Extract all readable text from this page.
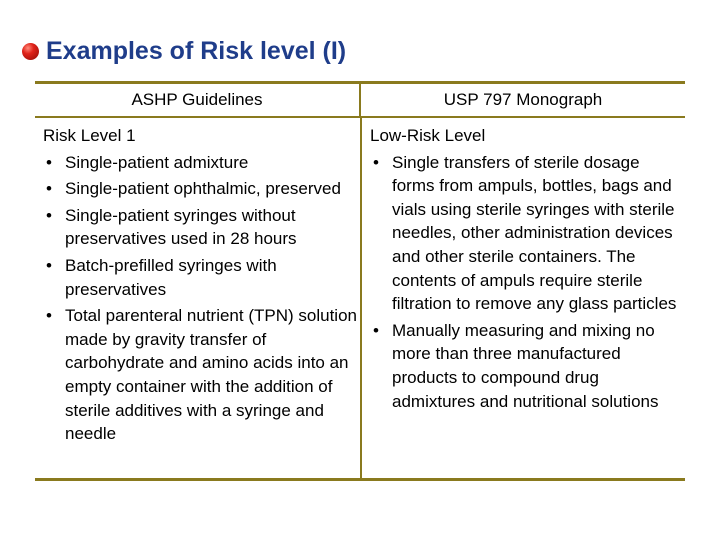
Examples of Risk level (I)
ASHP Guidelines	USP 797 Monograph
Risk Level 1
• Single-patient admixture
• Single-patient ophthalmic, preserved
• Single-patient syringes without preservatives used in 28 hours
• Batch-prefilled syringes with preservatives
• Total parenteral nutrient (TPN) solution made by gravity transfer of carbohydrate and amino acids into an empty container with the addition of sterile additives with a syringe and needle
Low-Risk Level
• Single transfers of sterile dosage forms from ampuls, bottles, bags and vials using sterile syringes with sterile needles, other administration devices and other sterile containers. The contents of ampuls require sterile filtration to remove any glass particles
• Manually measuring and mixing no more than three manufactured products to compound drug admixtures and nutritional solutions
